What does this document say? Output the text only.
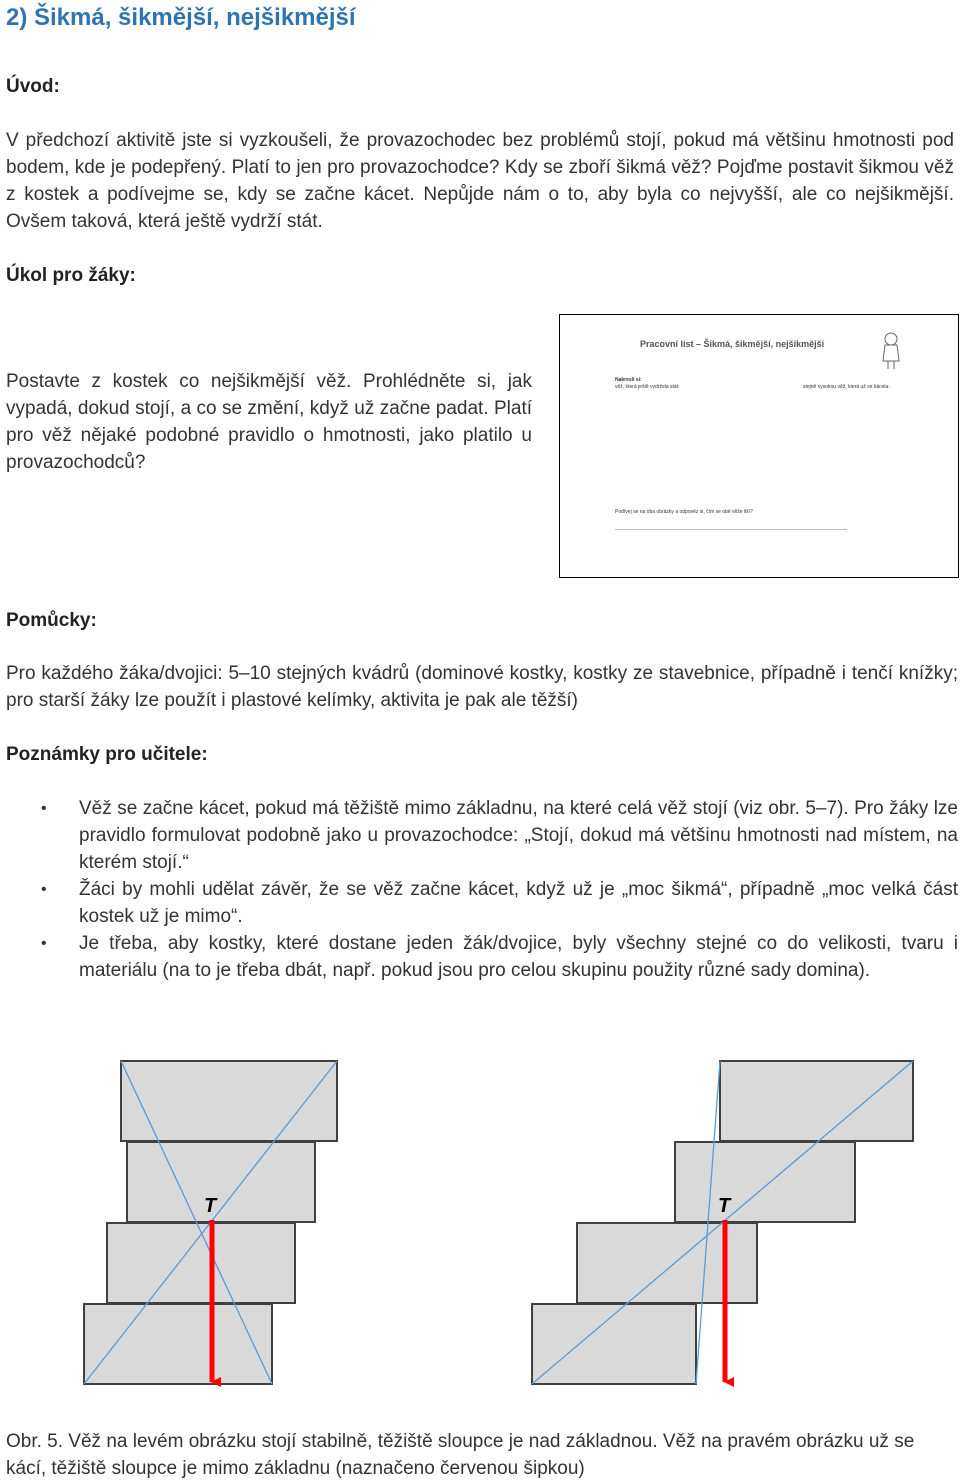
2) Šikmá, šikmější, nejšikmější
Úvod:
V předchozí aktivitě jste si vyzkoušeli, že provazochodec bez problémů stojí, pokud má většinu hmotnosti pod bodem, kde je podepřený. Platí to jen pro provazochodce? Kdy se zboří šikmá věž? Pojďme postavit šikmou věž z kostek a podívejme se, kdy se začne kácet. Nepůjde nám o to, aby byla co nejvyšší, ale co nejšikmější. Ovšem taková, která ještě vydrží stát.
Úkol pro žáky:
Postavte z kostek co nejšikmější věž. Prohlédněte si, jak vypadá, dokud stojí, a co se změní, když už začne padat. Platí pro věž nějaké podobné pravidlo o hmotnosti, jako platilo u provazochodců?
Pracovní list – Šikmá, šikmější, nejšikmější
Nakresli si:
věž, která ještě vydržela stát:	stejně vysokou věž, která už se kácela:
Podívej se na oba obrázky a odpověz si, čím se obě věže liší?
Pomůcky:
Pro každého žáka/dvojici: 5–10 stejných kvádrů (dominové kostky, kostky ze stavebnice, případně i tenčí knížky; pro starší žáky lze použít i plastové kelímky, aktivita je pak ale těžší)
Poznámky pro učitele:
• Věž se začne kácet, pokud má těžiště mimo základnu, na které celá věž stojí (viz obr. 5–7). Pro žáky lze pravidlo formulovat podobně jako u provazochodce: „Stojí, dokud má většinu hmotnosti nad místem, na kterém stojí.“
• Žáci by mohli udělat závěr, že se věž začne kácet, když už je „moc šikmá“, případně „moc velká část kostek už je mimo“.
• Je třeba, aby kostky, které dostane jeden žák/dvojice, byly všechny stejné co do velikosti, tvaru i materiálu (na to je třeba dbát, např. pokud jsou pro celou skupinu použity různé sady domina).
T	T
Obr. 5. Věž na levém obrázku stojí stabilně, těžiště sloupce je nad základnou. Věž na pravém obrázku už se kácí, těžiště sloupce je mimo základnu (naznačeno červenou šipkou)
